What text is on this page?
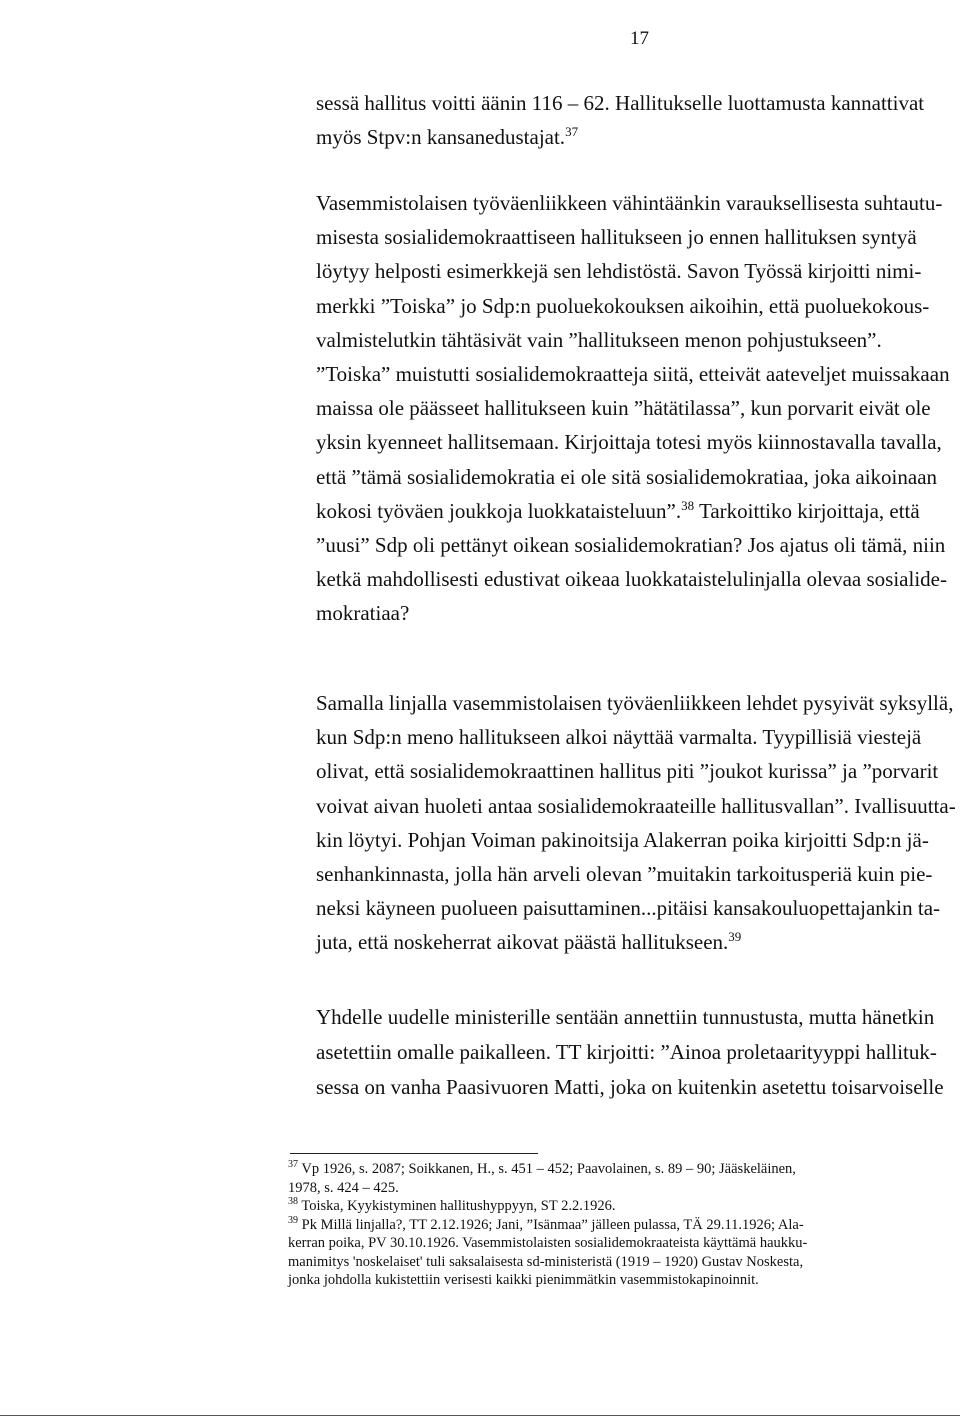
17
sessä hallitus voitti äänin 116 – 62. Hallitukselle luottamusta kannattivat
myös Stpv:n kansanedustajat.$^{37}$
Vasemmistolaisen työväenliikkeen vähintäänkin varauksellisesta suhtautu-
misesta sosialidemokraattiseen hallitukseen jo ennen hallituksen syntyä
löytyy helposti esimerkkejä sen lehdistöstä. Savon Työssä kirjoitti nimi-
merkki ”Toiska” jo Sdp:n puoluekokouksen aikoihin, että puoluekokous-
valmistelutkin tähtäsivät vain ”hallitukseen menon pohjustukseen”.
”Toiska” muistutti sosialidemokraatteja siitä, etteivät aateveljet muissakaan
maissa ole päässeet hallitukseen kuin ”hätätilassa”, kun porvarit eivät ole
yksin kyenneet hallitsemaan. Kirjoittaja totesi myös kiinnostavalla tavalla,
että ”tämä sosialidemokratia ei ole sitä sosialidemokratiaa, joka aikoinaan
kokosi työväen joukkoja luokkataisteluun”.$^{38}$ Tarkoittiko kirjoittaja, että
”uusi” Sdp oli pettänyt oikean sosialidemokratian? Jos ajatus oli tämä, niin
ketkä mahdollisesti edustivat oikeaa luokkataistelulinjalla olevaa sosialide-
mokratiaa?
Samalla linjalla vasemmistolaisen työväenliikkeen lehdet pysyivät syksyllä,
kun Sdp:n meno hallitukseen alkoi näyttää varmalta. Tyypillisiä viestejä
olivat, että sosialidemokraattinen hallitus piti ”joukot kurissa” ja ”porvarit
voivat aivan huoleti antaa sosialidemokraateille hallitusvallan”. Ivallisuutta-
kin löytyi. Pohjan Voiman pakinoitsija Alakerran poika kirjoitti Sdp:n jä-
senhankinnasta, jolla hän arveli olevan ”muitakin tarkoitusperiä kuin pie-
neksi käyneen puolueen paisuttaminen...pitäisi kansakouluopettajankin ta-
juta, että noskeherrat aikovat päästä hallitukseen.$^{39}$
Yhdelle uudelle ministerille sentään annettiin tunnustusta, mutta hänetkin
asetettiin omalle paikalleen. TT kirjoitti: ”Ainoa proletaarityyppi hallituk-
sessa on vanha Paasivuoren Matti, joka on kuitenkin asetettu toisarvoiselle
$^{37}$ Vp 1926, s. 2087; Soikkanen, H., s. 451 – 452; Paavolainen, s. 89 – 90; Jääskeläinen,
1978, s. 424 – 425.
$^{38}$ Toiska, Kyykistyminen hallitushyppyyn, ST 2.2.1926.
$^{39}$ Pk Millä linjalla?, TT 2.12.1926; Jani, ”Isänmaa” jälleen pulassa, TÄ 29.11.1926; Ala-
kerran poika, PV 30.10.1926. Vasemmistolaisten sosialidemokraateista käyttämä haukku-
manimitys 'noskelaiset' tuli saksalaisesta sd-ministeristä (1919 – 1920) Gustav Noskesta,
jonka johdolla kukistettiin verisesti kaikki pienimmätkin vasemmistokapinoinnit.
